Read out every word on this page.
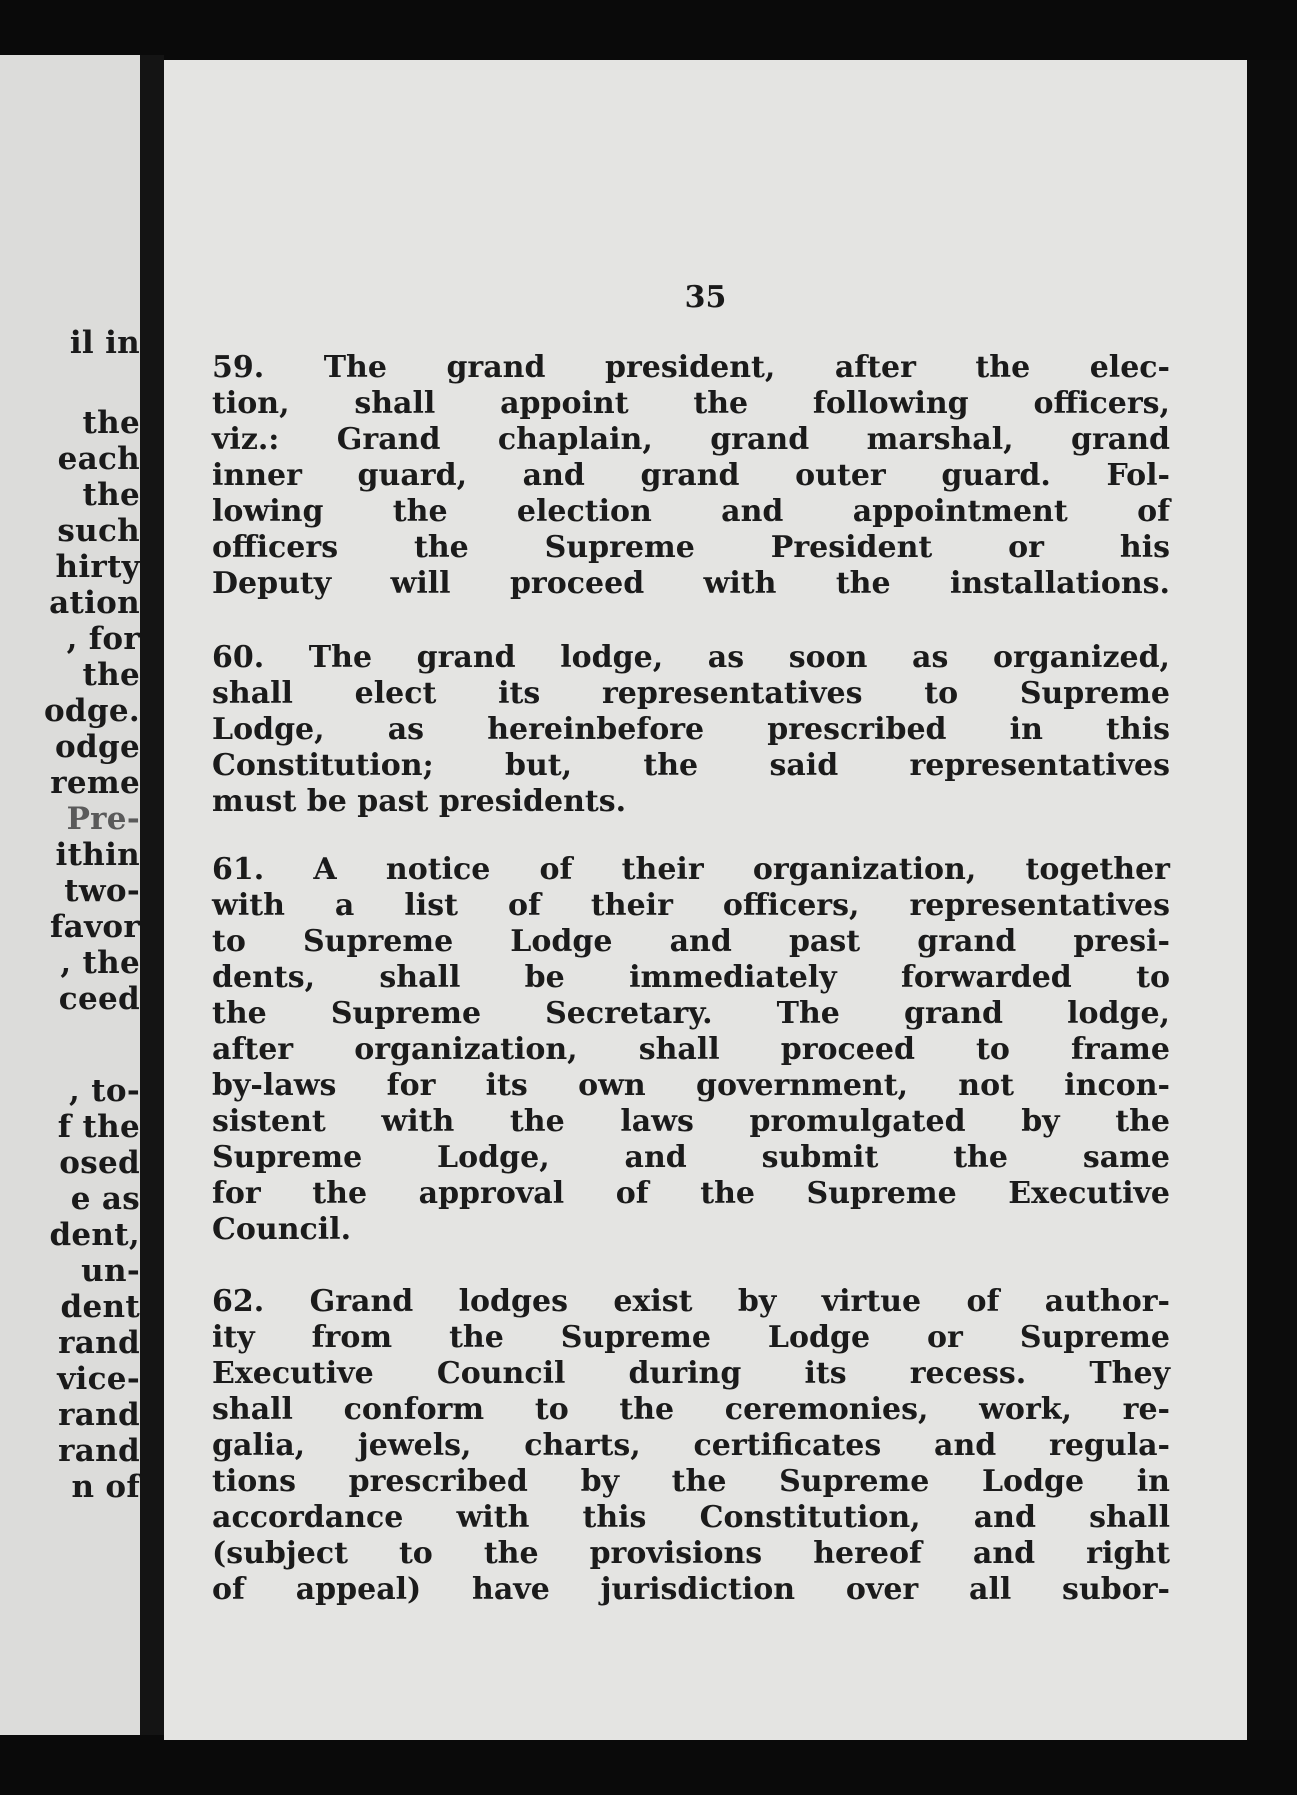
il in
the
each
the
such
hirty
ation
, for
the
odge.
odge
reme
Pre-
ithin
two-
favor
, the
ceed
, to-
f the
osed
e as
dent,
un-
dent
rand
vice-
rand
rand
n of
35
59. The grand president, after the elec-
tion, shall appoint the following officers,
viz.: Grand chaplain, grand marshal, grand
inner guard, and grand outer guard. Fol-
lowing the election and appointment of
officers the Supreme President or his
Deputy will proceed with the installations.
60. The grand lodge, as soon as organized,
shall elect its representatives to Supreme
Lodge, as hereinbefore prescribed in this
Constitution; but, the said representatives
must be past presidents.
61. A notice of their organization, together
with a list of their officers, representatives
to Supreme Lodge and past grand presi-
dents, shall be immediately forwarded to
the Supreme Secretary. The grand lodge,
after organization, shall proceed to frame
by-laws for its own government, not incon-
sistent with the laws promulgated by the
Supreme Lodge, and submit the same
for the approval of the Supreme Executive
Council.
62. Grand lodges exist by virtue of author-
ity from the Supreme Lodge or Supreme
Executive Council during its recess. They
shall conform to the ceremonies, work, re-
galia, jewels, charts, certificates and regula-
tions prescribed by the Supreme Lodge in
accordance with this Constitution, and shall
(subject to the provisions hereof and right
of appeal) have jurisdiction over all subor-
